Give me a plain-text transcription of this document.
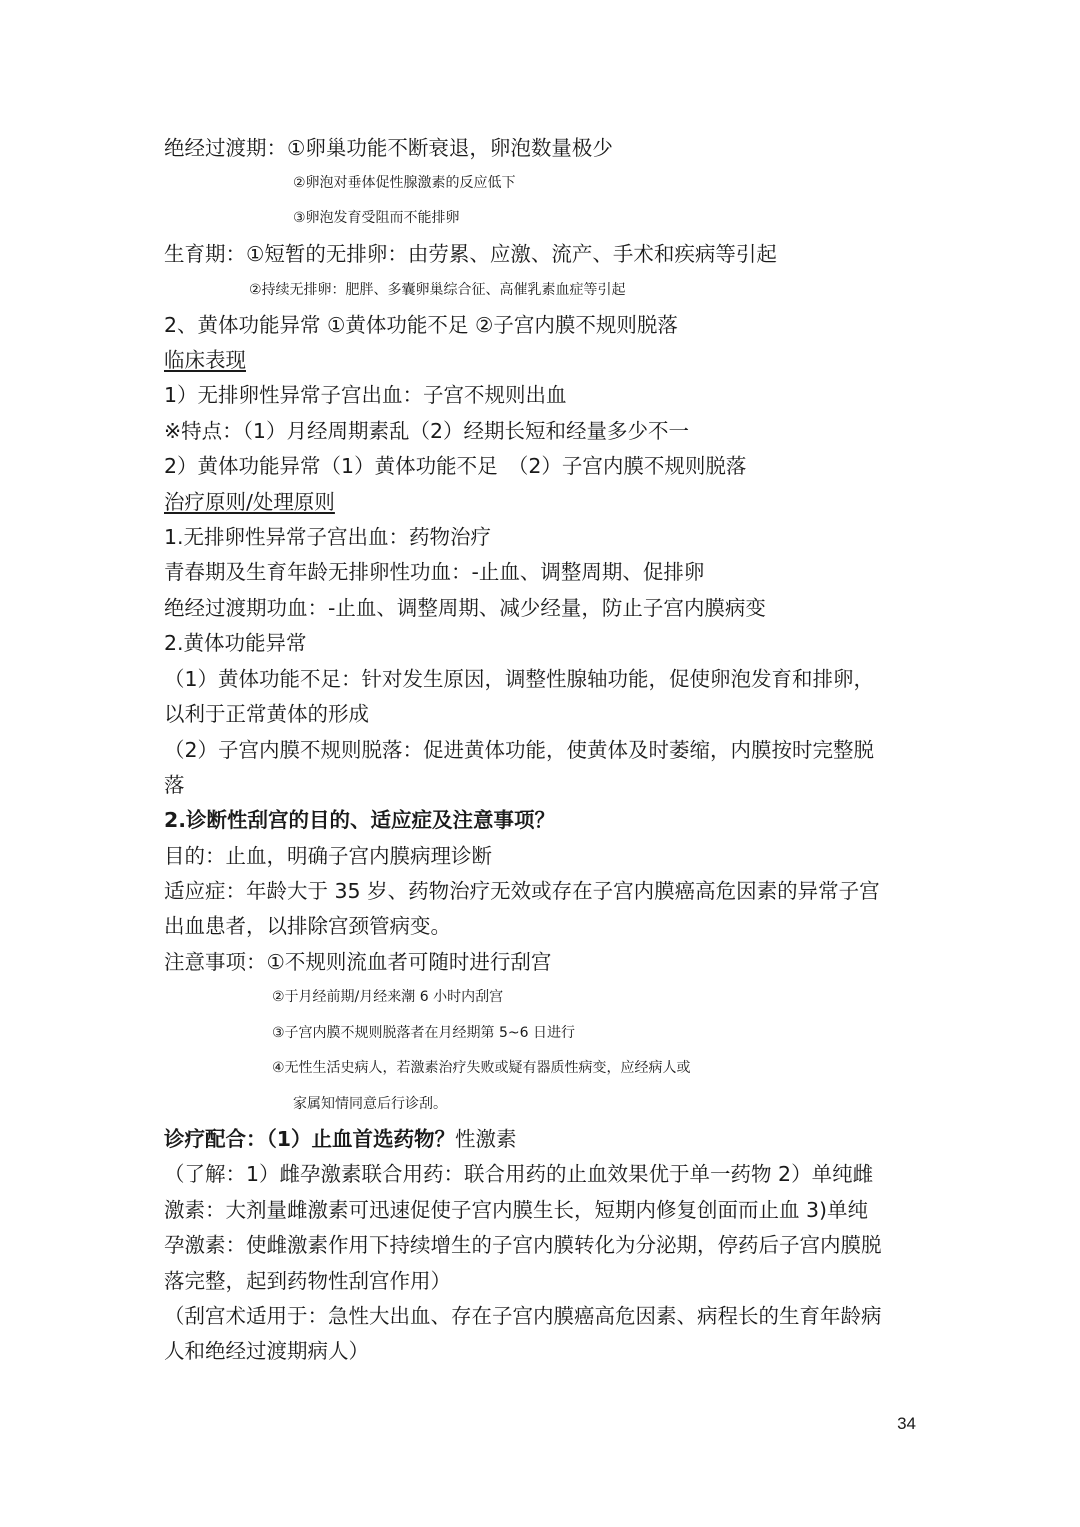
绝经过渡期：①卵巢功能不断衰退，卵泡数量极少
②卵泡对垂体促性腺激素的反应低下
③卵泡发育受阻而不能排卵
生育期：①短暂的无排卵：由劳累、应激、流产、手术和疾病等引起
②持续无排卵：肥胖、多囊卵巢综合征、高催乳素血症等引起
2、黄体功能异常 ①黄体功能不足 ②子宫内膜不规则脱落
临床表现
1）无排卵性异常子宫出血：子宫不规则出血
※特点：（1）月经周期素乱（2）经期长短和经量多少不一
2）黄体功能异常（1）黄体功能不足　（2）子宫内膜不规则脱落
治疗原则/处理原则
1.无排卵性异常子宫出血：药物治疗
青春期及生育年龄无排卵性功血：-止血、调整周期、促排卵
绝经过渡期功血：-止血、调整周期、减少经量，防止子宫内膜病变
2.黄体功能异常
（1）黄体功能不足：针对发生原因，调整性腺轴功能，促使卵泡发育和排卵，
以利于正常黄体的形成
（2）子宫内膜不规则脱落：促进黄体功能，使黄体及时萎缩，内膜按时完整脱
落
2.诊断性刮宫的目的、适应症及注意事项？
目的：止血，明确子宫内膜病理诊断
适应症：年龄大于 35 岁、药物治疗无效或存在子宫内膜癌高危因素的异常子宫
出血患者，以排除宫颈管病变。
注意事项：①不规则流血者可随时进行刮宫
②于月经前期/月经来潮 6 小时内刮宫
③子宫内膜不规则脱落者在月经期第 5~6 日进行
④无性生活史病人，若激素治疗失败或疑有器质性病变，应经病人或
家属知情同意后行诊刮。
诊疗配合：（1）止血首选药物？性激素
（了解：1）雌孕激素联合用药：联合用药的止血效果优于单一药物 2）单纯雌
激素：大剂量雌激素可迅速促使子宫内膜生长，短期内修复创面而止血 3)单纯
孕激素：使雌激素作用下持续增生的子宫内膜转化为分泌期，停药后子宫内膜脱
落完整，起到药物性刮宫作用）
（刮宫术适用于：急性大出血、存在子宫内膜癌高危因素、病程长的生育年龄病
人和绝经过渡期病人）
34
